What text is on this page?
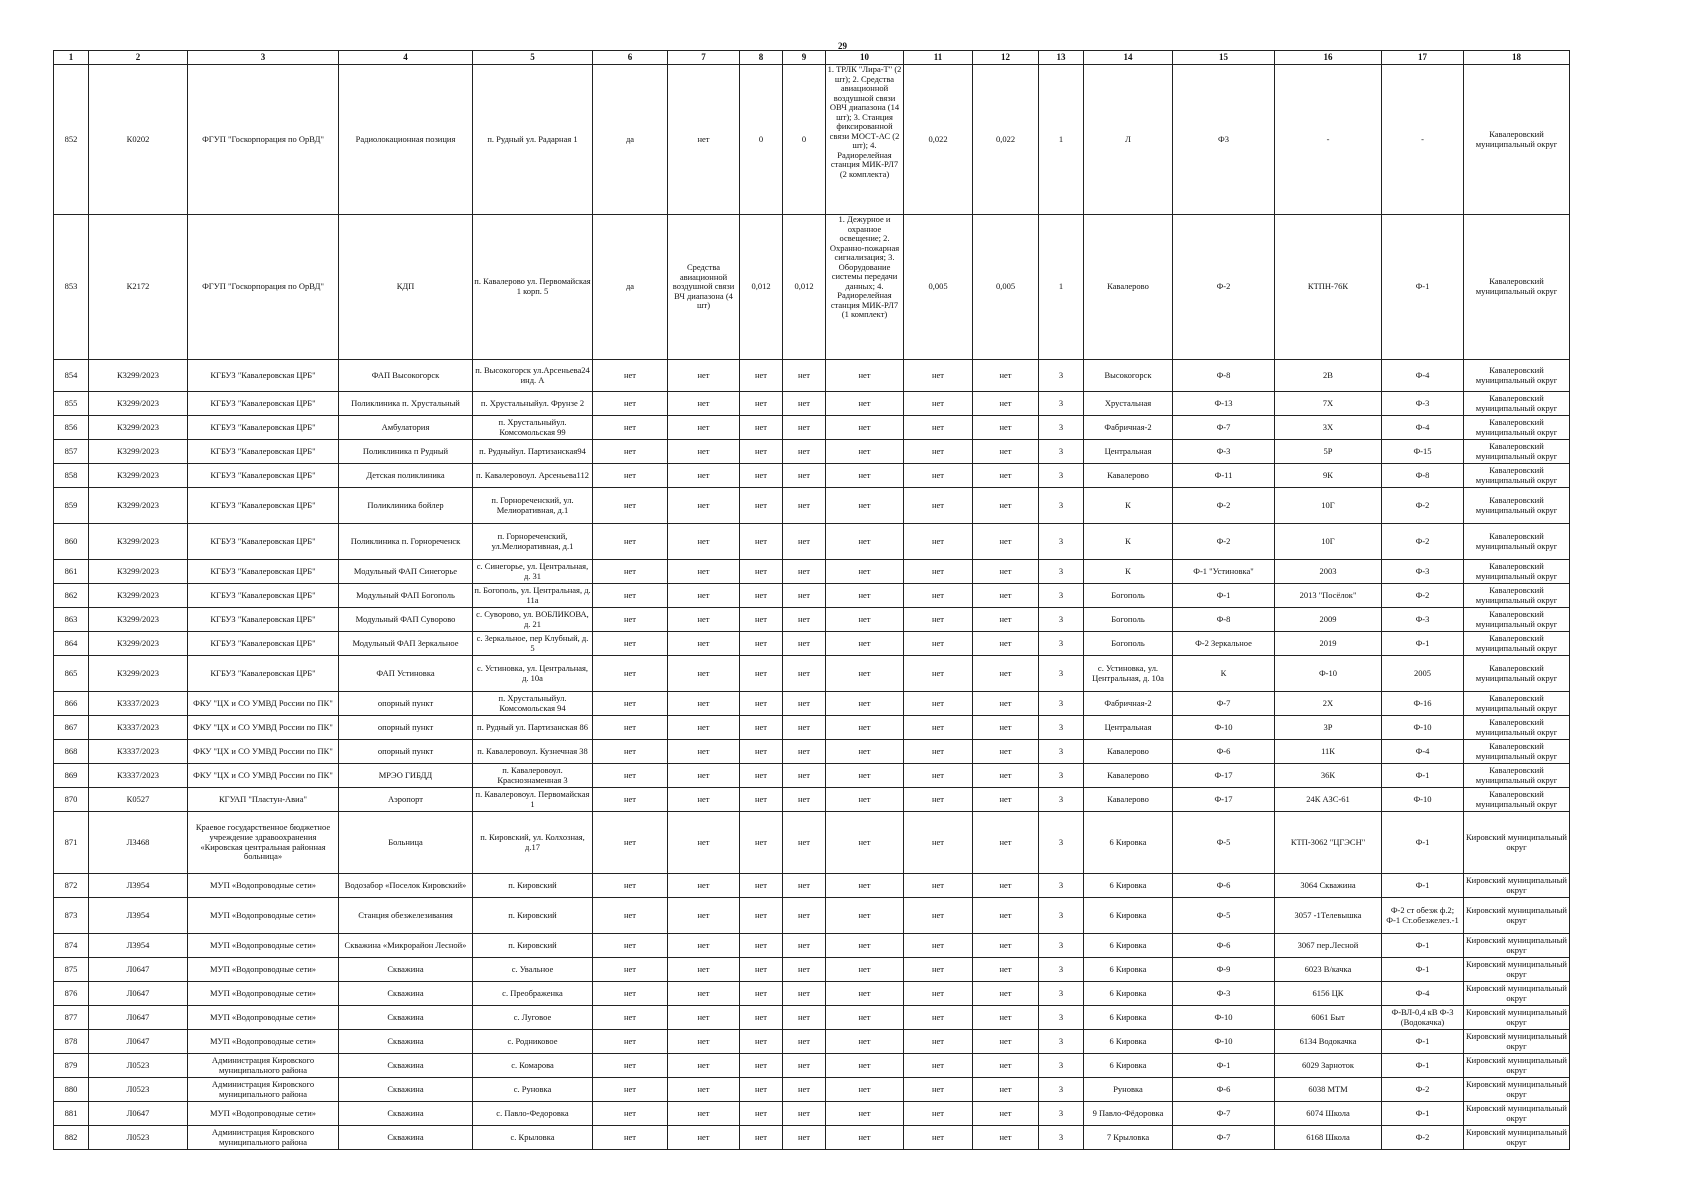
29
1	2	3	4	5	6	7	8	9	10	11	12	13	14	15	16	17	18
852	К0202	ФГУП "Госкорпорация по ОрВД"	Радиолокационная позиция	п. Рудный ул. Радарная 1	да	нет	0	0	1. ТРЛК "Лира-Т" (2 шт); 2. Средства авиационной воздушной связи ОВЧ диапазона (14 шт); 3. Станция фиксированной связи МОСТ-АС (2 шт); 4. Радиорелейная станция МИК-РЛ7 (2 комплекта)	0,022	0,022	1	Л	Ф3	-	-	Кавалеровский муниципальный округ
853	К2172	ФГУП "Госкорпорация по ОрВД"	КДП	п. Кавалерово ул. Первомайская 1 корп. 5	да	Средства авиационной воздушной связи ВЧ диапазона (4 шт)	0,012	0,012	1. Дежурное и охранное освещение; 2. Охранно-пожарная сигнализация; 3. Оборудование системы передачи данных; 4. Радиорелейная станция МИК-РЛ7 (1 комплект)	0,005	0,005	1	Кавалерово	Ф-2	КТПН-76К	Ф-1	Кавалеровский муниципальный округ
854	К3299/2023	КГБУЗ "Кавалеровская ЦРБ"	ФАП Высокогорск	п. Высокогорск ул.Арсеньева24 инд. А	нет	нет	нет	нет	нет	нет	нет	3	Высокогорск	Ф-8	2В	Ф-4	Кавалеровский муниципальный округ
855	К3299/2023	КГБУЗ "Кавалеровская ЦРБ"	Поликлиника п. Хрустальный	п. Хрустальныйул. Фрунзе 2	нет	нет	нет	нет	нет	нет	нет	3	Хрустальная	Ф-13	7Х	Ф-3	Кавалеровский муниципальный округ
856	К3299/2023	КГБУЗ "Кавалеровская ЦРБ"	Амбулатория	п. Хрустальныйул. Комсомольская 99	нет	нет	нет	нет	нет	нет	нет	3	Фабричная-2	Ф-7	3Х	Ф-4	Кавалеровский муниципальный округ
857	К3299/2023	КГБУЗ "Кавалеровская ЦРБ"	Поликлиника п Рудный	п. Рудныйул. Партизанская94	нет	нет	нет	нет	нет	нет	нет	3	Центральная	Ф-3	5Р	Ф-15	Кавалеровский муниципальный округ
858	К3299/2023	КГБУЗ "Кавалеровская ЦРБ"	Детская поликлиника	п. Кавалеровоул. Арсеньева112	нет	нет	нет	нет	нет	нет	нет	3	Кавалерово	Ф-11	9К	Ф-8	Кавалеровский муниципальный округ
859	К3299/2023	КГБУЗ "Кавалеровская ЦРБ"	Поликлиника бойлер	п. Горнореченский, ул. Мелиоративная, д.1	нет	нет	нет	нет	нет	нет	нет	3	К	Ф-2	10Г	Ф-2	Кавалеровский муниципальный округ
860	К3299/2023	КГБУЗ "Кавалеровская ЦРБ"	Поликлиника п. Горнореченск	п. Горнореченский, ул.Мелиоративная, д.1	нет	нет	нет	нет	нет	нет	нет	3	К	Ф-2	10Г	Ф-2	Кавалеровский муниципальный округ
861	К3299/2023	КГБУЗ "Кавалеровская ЦРБ"	Модульный ФАП Синегорье	с. Синегорье, ул. Центральная, д. 31	нет	нет	нет	нет	нет	нет	нет	3	К	Ф-1 "Устиновка"	2003	Ф-3	Кавалеровский муниципальный округ
862	К3299/2023	КГБУЗ "Кавалеровская ЦРБ"	Модульный ФАП Богополь	п. Богополь, ул. Центральная, д. 11а	нет	нет	нет	нет	нет	нет	нет	3	Богополь	Ф-1	2013 "Посёлок"	Ф-2	Кавалеровский муниципальный округ
863	К3299/2023	КГБУЗ "Кавалеровская ЦРБ"	Модульный ФАП Суворово	с. Суворово, ул. ВОБЛИКОВА, д. 21	нет	нет	нет	нет	нет	нет	нет	3	Богополь	Ф-8	2009	Ф-3	Кавалеровский муниципальный округ
864	К3299/2023	КГБУЗ "Кавалеровская ЦРБ"	Модульный ФАП Зеркальное	с. Зеркальное, пер Клубный, д. 5	нет	нет	нет	нет	нет	нет	нет	3	Богополь	Ф-2 Зеркальное	2019	Ф-1	Кавалеровский муниципальный округ
865	К3299/2023	КГБУЗ "Кавалеровская ЦРБ"	ФАП Устиновка	с. Устиновка, ул. Центральная, д. 10а	нет	нет	нет	нет	нет	нет	нет	3	с. Устиновка, ул. Центральная, д. 10а	К	Ф-10	2005	Кавалеровский муниципальный округ
866	К3337/2023	ФКУ "ЦХ и СО УМВД России по ПК"	опорный пункт	п. Хрустальныйул. Комсомольская 94	нет	нет	нет	нет	нет	нет	нет	3	Фабричная-2	Ф-7	2Х	Ф-16	Кавалеровский муниципальный округ
867	К3337/2023	ФКУ "ЦХ и СО УМВД России по ПК"	опорный пункт	п. Рудный ул. Партизанская 86	нет	нет	нет	нет	нет	нет	нет	3	Центральная	Ф-10	3Р	Ф-10	Кавалеровский муниципальный округ
868	К3337/2023	ФКУ "ЦХ и СО УМВД России по ПК"	опорный пункт	п. Кавалеровоул. Кузнечная 38	нет	нет	нет	нет	нет	нет	нет	3	Кавалерово	Ф-6	11К	Ф-4	Кавалеровский муниципальный округ
869	К3337/2023	ФКУ "ЦХ и СО УМВД России по ПК"	МРЭО ГИБДД	п. Кавалеровоул. Краснознаменная 3	нет	нет	нет	нет	нет	нет	нет	3	Кавалерово	Ф-17	36К	Ф-1	Кавалеровский муниципальный округ
870	К0527	КГУАП "Пластун-Авиа"	Аэропорт	п. Кавалеровоул. Первомайская 1	нет	нет	нет	нет	нет	нет	нет	3	Кавалерово	Ф-17	24К АЗС-61	Ф-10	Кавалеровский муниципальный округ
871	Л3468	Краевое государственное бюджетное учреждение здравоохранения «Кировская центральная районная больница»	Больница	п. Кировский, ул. Колхозная, д.17	нет	нет	нет	нет	нет	нет	нет	3	6 Кировка	Ф-5	КТП-3062 "ЦГЭСН"	Ф-1	Кировский муниципальный округ
872	Л3954	МУП «Водопроводные сети»	Водозабор «Поселок Кировский»	п. Кировский	нет	нет	нет	нет	нет	нет	нет	3	6 Кировка	Ф-6	3064 Скважина	Ф-1	Кировский муниципальный округ
873	Л3954	МУП «Водопроводные сети»	Станция обезжелезивания	п. Кировский	нет	нет	нет	нет	нет	нет	нет	3	6 Кировка	Ф-5	3057 -1Телевышка	Ф-2 ст обезж ф.2; Ф-1 Ст.обезжелез.-1	Кировский муниципальный округ
874	Л3954	МУП «Водопроводные сети»	Скважина «Микрорайон Лесной»	п. Кировский	нет	нет	нет	нет	нет	нет	нет	3	6 Кировка	Ф-6	3067 пер.Лесной	Ф-1	Кировский муниципальный округ
875	Л0647	МУП «Водопроводные сети»	Скважина	с. Увальное	нет	нет	нет	нет	нет	нет	нет	3	6 Кировка	Ф-9	6023 В/качка	Ф-1	Кировский муниципальный округ
876	Л0647	МУП «Водопроводные сети»	Скважина	с. Преображенка	нет	нет	нет	нет	нет	нет	нет	3	6 Кировка	Ф-3	6156 ЦК	Ф-4	Кировский муниципальный округ
877	Л0647	МУП «Водопроводные сети»	Скважина	с. Луговое	нет	нет	нет	нет	нет	нет	нет	3	6 Кировка	Ф-10	6061 Быт	Ф-ВЛ-0,4 кВ Ф-3 (Водокачка)	Кировский муниципальный округ
878	Л0647	МУП «Водопроводные сети»	Скважина	с. Родниковое	нет	нет	нет	нет	нет	нет	нет	3	6 Кировка	Ф-10	6134 Водокачка	Ф-1	Кировский муниципальный округ
879	Л0523	Администрация Кировского муниципального района	Скважина	с. Комарова	нет	нет	нет	нет	нет	нет	нет	3	6 Кировка	Ф-1	6029 Зарноток	Ф-1	Кировский муниципальный округ
880	Л0523	Администрация Кировского муниципального района	Скважина	с. Руновка	нет	нет	нет	нет	нет	нет	нет	3	Руновка	Ф-6	6038 МТМ	Ф-2	Кировский муниципальный округ
881	Л0647	МУП «Водопроводные сети»	Скважина	с. Павло-Федоровка	нет	нет	нет	нет	нет	нет	нет	3	9 Павло-Фёдоровка	Ф-7	6074 Школа	Ф-1	Кировский муниципальный округ
882	Л0523	Администрация Кировского муниципального района	Скважина	с. Крыловка	нет	нет	нет	нет	нет	нет	нет	3	7 Крыловка	Ф-7	6168 Школа	Ф-2	Кировский муниципальный округ
